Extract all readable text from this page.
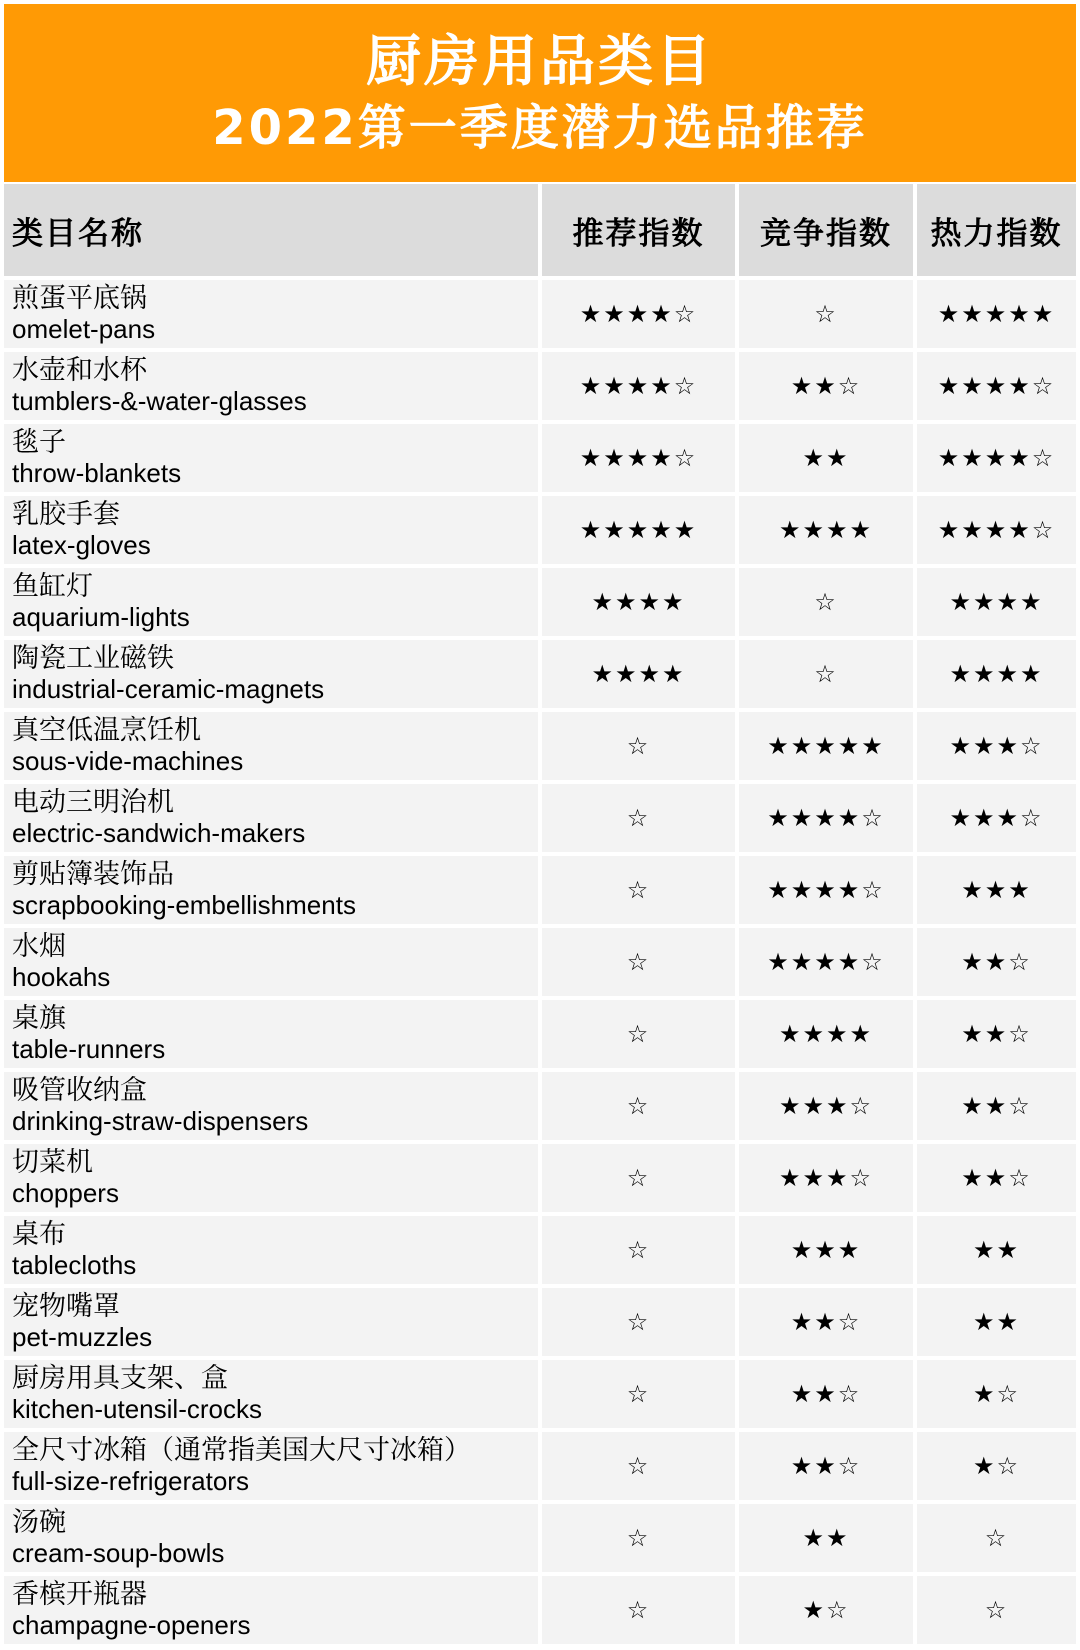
厨房用品类目
2022第一季度潜力选品推荐
类目名称	推荐指数	竞争指数	热力指数

煎蛋平底锅
omelet-pans	★★★★☆	☆	★★★★★

水壶和水杯
tumblers-&-water-glasses	★★★★☆	★★☆	★★★★☆

毯子
throw-blankets	★★★★☆	★★	★★★★☆

乳胶手套
latex-gloves	★★★★★	★★★★	★★★★☆

鱼缸灯
aquarium-lights	★★★★	☆	★★★★

陶瓷工业磁铁
industrial-ceramic-magnets	★★★★	☆	★★★★

真空低温烹饪机
sous-vide-machines	☆	★★★★★	★★★☆

电动三明治机
electric-sandwich-makers	☆	★★★★☆	★★★☆

剪贴簿装饰品
scrapbooking-embellishments	☆	★★★★☆	★★★

水烟
hookahs	☆	★★★★☆	★★☆

桌旗
table-runners	☆	★★★★	★★☆

吸管收纳盒
drinking-straw-dispensers	☆	★★★☆	★★☆

切菜机
choppers	☆	★★★☆	★★☆

桌布
tablecloths	☆	★★★	★★

宠物嘴罩
pet-muzzles	☆	★★☆	★★

厨房用具支架、盒
kitchen-utensil-crocks	☆	★★☆	★☆

全尺寸冰箱（通常指美国大尺寸冰箱）
full-size-refrigerators	☆	★★☆	★☆

汤碗
cream-soup-bowls	☆	★★	☆

香槟开瓶器
champagne-openers	☆	★☆	☆
